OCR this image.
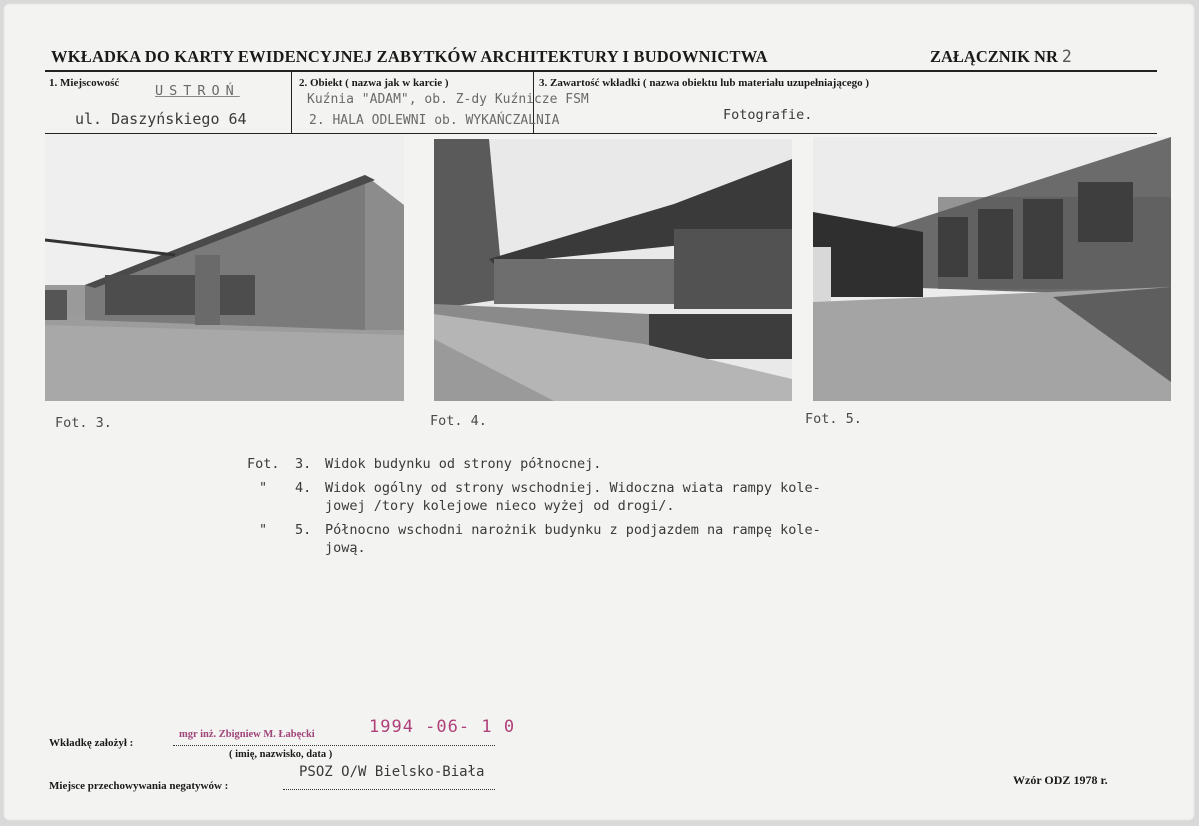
WKŁADKA DO KARTY EWIDENCYJNEJ ZABYTKÓW ARCHITEKTURY I BUDOWNICTWA	ZAŁĄCZNIK NR 2
1. Miejscowość	USTROŃ
ul. Daszyńskiego 64
2. Obiekt ( nazwa jak w karcie )
Kuźnia "ADAM", ob. Z-dy Kuźnicze FSM
2. HALA ODLEWNI ob. WYKAŃCZALNIA
3. Zawartość wkładki ( nazwa obiektu lub materiału uzupełniającego )
Fotografie.
Fot. 3.	Fot. 4.	Fot. 5.
Fot. 3. Widok budynku od strony północnej.
" 4. Widok ogólny od strony wschodniej. Widoczna wiata rampy kole-
jowej /tory kolejowe nieco wyżej od drogi/.
" 5. Północno wschodni narożnik budynku z podjazdem na rampę kole-
jową.
Wkładkę założył :
mgr inż. Zbigniew M. Łabęcki	1994 -06- 1 0
( imię, nazwisko, data )
Miejsce przechowywania negatywów :
PSOZ O/W Bielsko-Biała	Wzór ODZ 1978 r.
